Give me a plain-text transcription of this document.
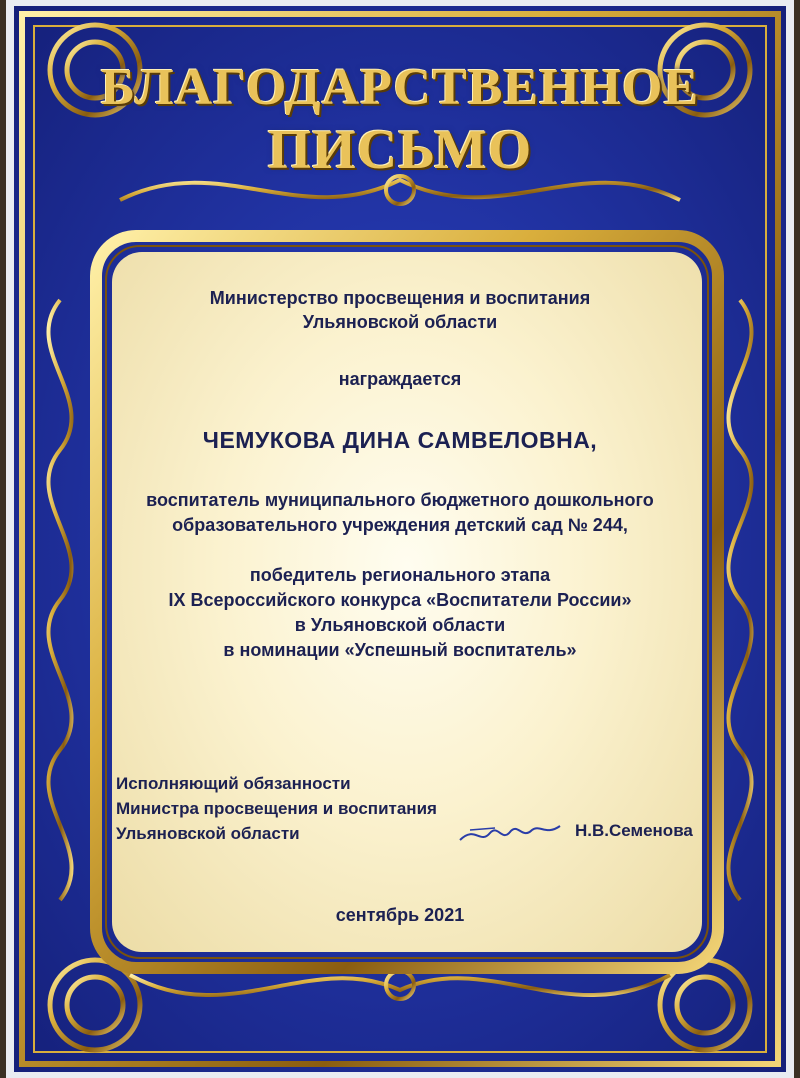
БЛАГОДАРСТВЕННОЕ
ПИСЬМО
Министерство просвещения и воспитания
Ульяновской области
награждается
ЧЕМУКОВА ДИНА САМВЕЛОВНА,
воспитатель муниципального бюджетного дошкольного
образовательного учреждения детский сад № 244,
победитель регионального этапа
IX Всероссийского конкурса «Воспитатели России»
в Ульяновской области
в номинации «Успешный воспитатель»
Исполняющий обязанности
Министра просвещения и воспитания
Ульяновской области	Н.В.Семенова
сентябрь 2021
